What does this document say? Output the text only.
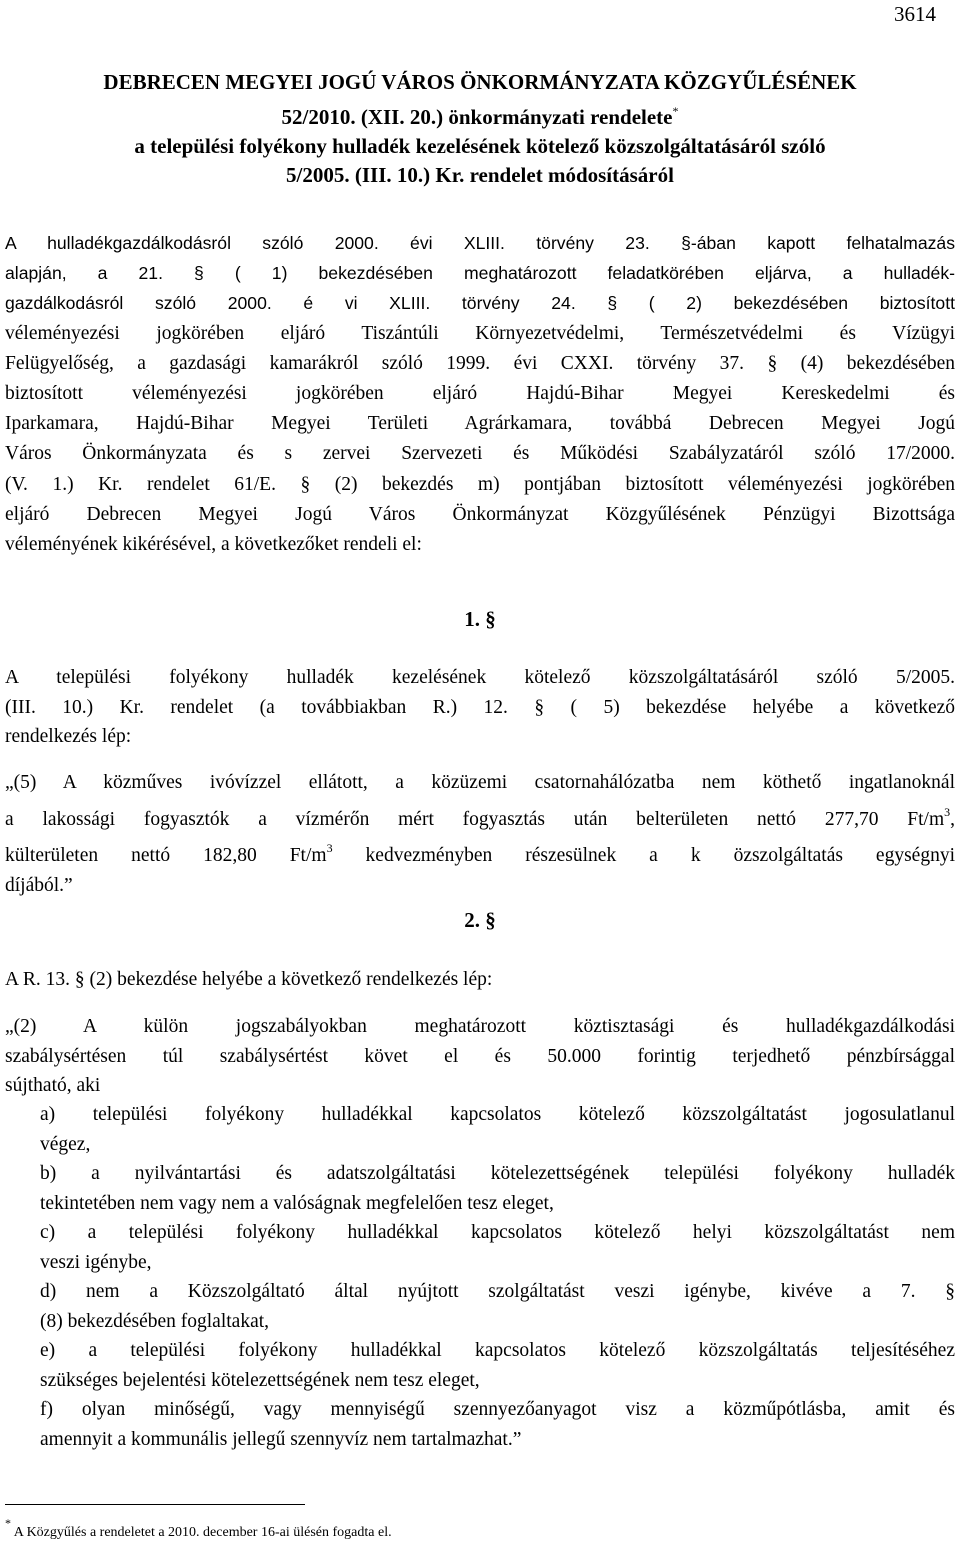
3614
DEBRECEN MEGYEI JOGÚ VÁROS ÖNKORMÁNYZATA KÖZGYŰLÉSÉNEK
52/2010. (XII. 20.) önkormányzati rendelete*
a települési folyékony hulladék kezelésének kötelező közszolgáltatásáról szóló
5/2005. (III. 10.) Kr. rendelet módosításáról

A hulladékgazdálkodásról szóló 2000. évi XLIII. törvény 23. §-ában kapott felhatalmazás

alapján, a 21. § ( 1) bekezdésében meghatározott feladatkörében eljárva, a hulladék-

gazdálkodásról szóló 2000. é vi XLIII. törvény 24. § ( 2) bekezdésében biztosított

véleményezési jogkörében eljáró Tiszántúli Környezetvédelmi, Természetvédelmi és Vízügyi

Felügyelőség, a gazdasági kamarákról szóló 1999. évi CXXI. törvény 37. § (4) bekezdésében

biztosított véleményezési jogkörében eljáró Hajdú-Bihar Megyei Kereskedelmi és

Iparkamara, Hajdú-Bihar Megyei Területi Agrárkamara, továbbá Debrecen Megyei Jogú

Város Önkormányzata és s zervei Szervezeti és Működési Szabályzatáról szóló 17/2000.

(V. 1.) Kr. rendelet 61/E. § (2) bekezdés m) pontjában biztosított véleményezési jogkörében

eljáró Debrecen Megyei Jogú Város Önkormányzat Közgyűlésének Pénzügyi Bizottsága

véleményének kikérésével, a következőket rendeli el:

1. §

A települési folyékony hulladék kezelésének kötelező közszolgáltatásáról szóló 5/2005.

(III. 10.) Kr. rendelet (a továbbiakban R.) 12. § ( 5) bekezdése helyébe a következő

rendelkezés lép:

„(5) A közműves ivóvízzel ellátott, a közüzemi csatornahálózatba nem köthető ingatlanoknál

a lakossági fogyasztók a vízmérőn mért fogyasztás után belterületen nettó 277,70 $Ft/m^3$,

külterületen nettó 182,80 $Ft/m^3$ kedvezményben részesülnek a k özszolgáltatás egységnyi

díjából.”

2. §

A R. 13. § (2) bekezdése helyébe a következő rendelkezés lép:

„(2) A külön jogszabályokban meghatározott köztisztasági és hulladékgazdálkodási

szabálysértésen túl szabálysértést követ el és 50.000 forintig terjedhető pénzbírsággal

sújtható, aki

a) települési folyékony hulladékkal kapcsolatos kötelező közszolgáltatást jogosulatlanul

végez,

b) a nyilvántartási és adatszolgáltatási kötelezettségének települési folyékony hulladék

tekintetében nem vagy nem a valóságnak megfelelően tesz eleget,

c) a települési folyékony hulladékkal kapcsolatos kötelező helyi közszolgáltatást nem

veszi igénybe,

d) nem a Közszolgáltató által nyújtott szolgáltatást veszi igénybe, kivéve a 7. §

(8) bekezdésében foglaltakat,

e) a települési folyékony hulladékkal kapcsolatos kötelező közszolgáltatás teljesítéséhez

szükséges bejelentési kötelezettségének nem tesz eleget,

f) olyan minőségű, vagy mennyiségű szennyezőanyagot visz a közműpótlásba, amit és

amennyit a kommunális jellegű szennyvíz nem tartalmazhat.”

* A Közgyűlés a rendeletet a 2010. december 16-ai ülésén fogadta el.
